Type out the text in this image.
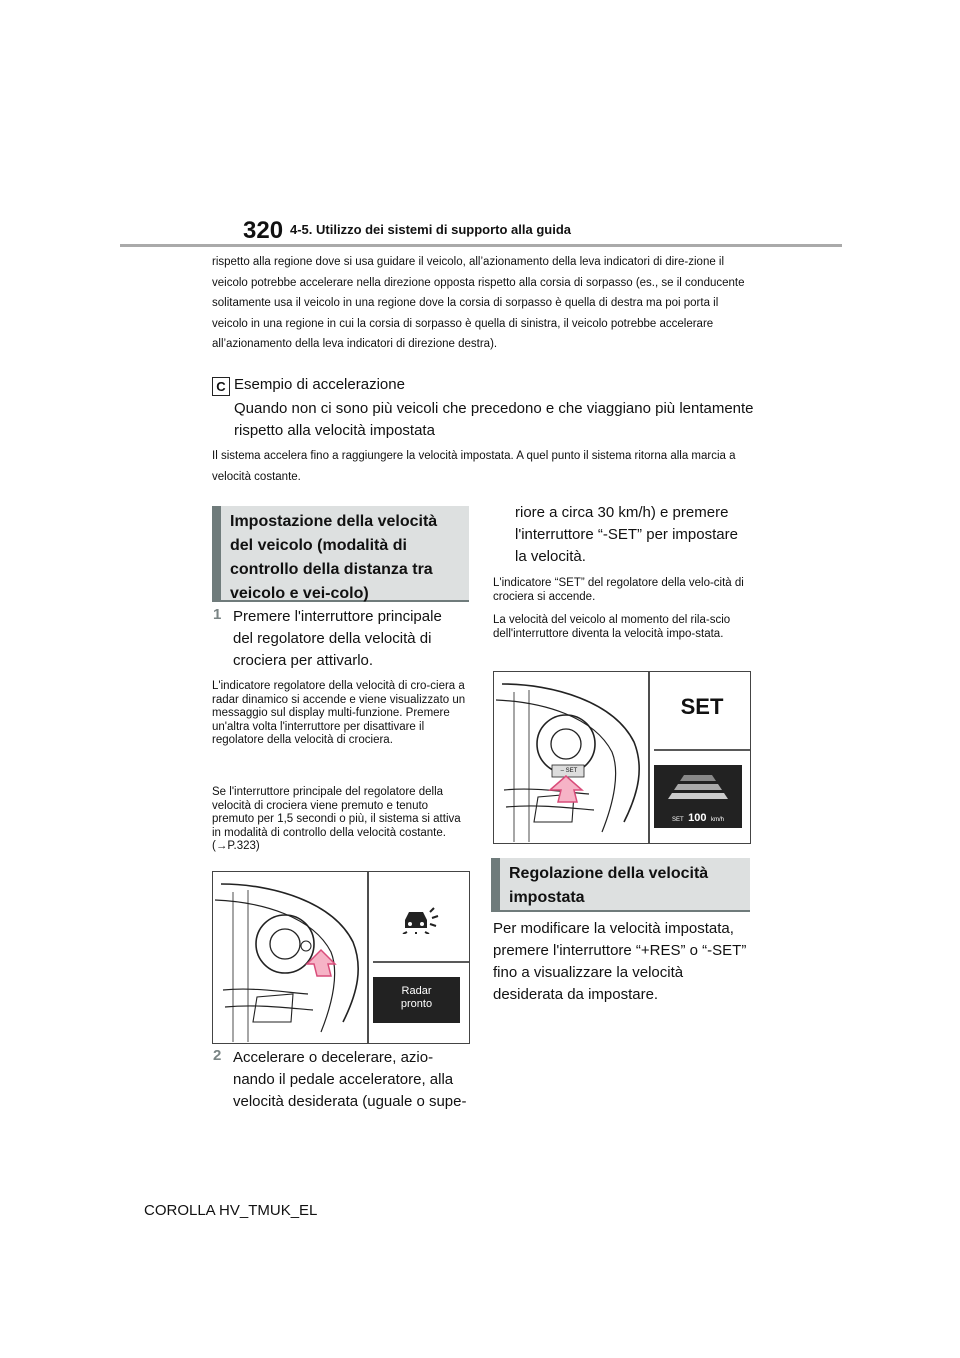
320 4-5. Utilizzo dei sistemi di supporto alla guida
rispetto alla regione dove si usa guidare il veicolo, all’azionamento della leva indicatori di dire-zione il veicolo potrebbe accelerare nella direzione opposta rispetto alla corsia di sorpasso (es., se il conducente solitamente usa il veicolo in una regione dove la corsia di sorpasso è quella di destra ma poi porta il veicolo in una regione in cui la corsia di sorpasso è quella di sinistra, il veicolo potrebbe accelerare all’azionamento della leva indicatori di direzione destra).
C Esempio di accelerazione
Quando non ci sono più veicoli che precedono e che viaggiano più lentamente rispetto alla velocità impostata
Il sistema accelera fino a raggiungere la velocità impostata. A quel punto il sistema ritorna alla marcia a velocità costante.
Impostazione della velocità del veicolo (modalità di controllo della distanza tra veicolo e vei-colo)
1 Premere l'interruttore principale del regolatore della velocità di crociera per attivarlo.
L'indicatore regolatore della velocità di cro-ciera a radar dinamico si accende e viene visualizzato un messaggio sul display multi-funzione. Premere un'altra volta l'interruttore per disattivare il regolatore della velocità di crociera.
Se l'interruttore principale del regolatore della velocità di crociera viene premuto e tenuto premuto per 1,5 secondi o più, il sistema si attiva in modalità di controllo della velocità costante. (→P.323)
Radar
pronto
2 Accelerare o decelerare, azio-nando il pedale acceleratore, alla velocità desiderata (uguale o supe-
riore a circa 30 km/h) e premere l'interruttore “-SET” per impostare la velocità.
L'indicatore “SET” del regolatore della velo-cità di crociera si accende.
La velocità del veicolo al momento del rila-scio dell'interruttore diventa la velocità impo-stata.
– SET
SET
SET 100 km/h
Regolazione della velocità impostata
Per modificare la velocità impostata, premere l'interruttore “+RES” o “-SET” fino a visualizzare la velocità desiderata da impostare.
COROLLA HV_TMUK_EL
